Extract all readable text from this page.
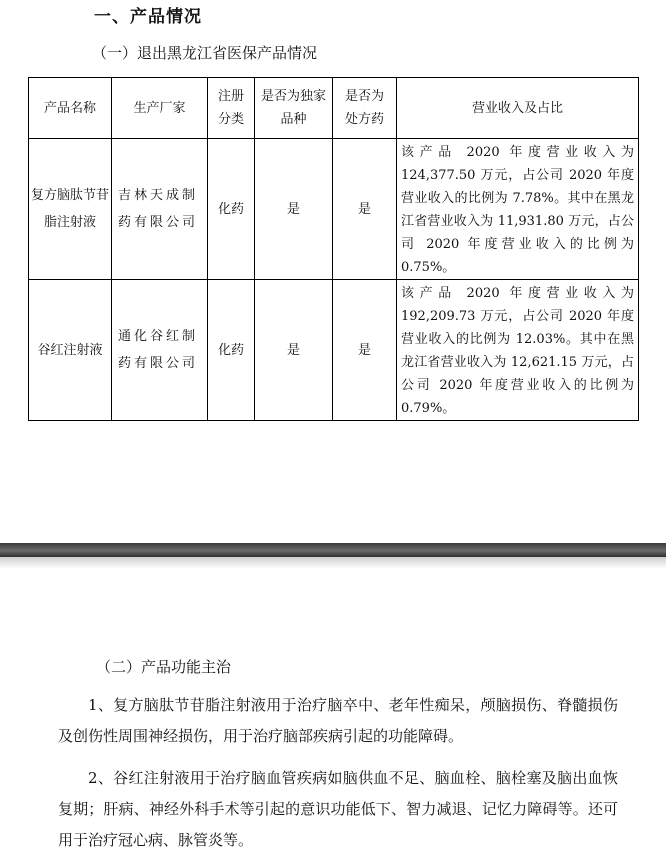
一、产品情况
（一）退出黑龙江省医保产品情况
产品名称	生产厂家	注册分类	是否为独家品种	是否为处方药	营业收入及占比
复方脑肽节苷脂注射液	吉林天成制药有限公司	化药	是	是	该产品 2020 年度营业收入为 124,377.50 万元，占公司 2020 年度营业收入的比例为 7.78%。其中在黑龙江省营业收入为 11,931.80 万元，占公司 2020 年度营业收入的比例为 0.75%。
谷红注射液	通化谷红制药有限公司	化药	是	是	该产品 2020 年度营业收入为 192,209.73 万元，占公司 2020 年度营业收入的比例为 12.03%。其中在黑龙江省营业收入为 12,621.15 万元，占公司 2020 年度营业收入的比例为 0.79%。
（二）产品功能主治
1、复方脑肽节苷脂注射液用于治疗脑卒中、老年性痴呆，颅脑损伤、脊髓损伤及创伤性周围神经损伤，用于治疗脑部疾病引起的功能障碍。
2、谷红注射液用于治疗脑血管疾病如脑供血不足、脑血栓、脑栓塞及脑出血恢复期；肝病、神经外科手术等引起的意识功能低下、智力减退、记忆力障碍等。还可用于治疗冠心病、脉管炎等。
